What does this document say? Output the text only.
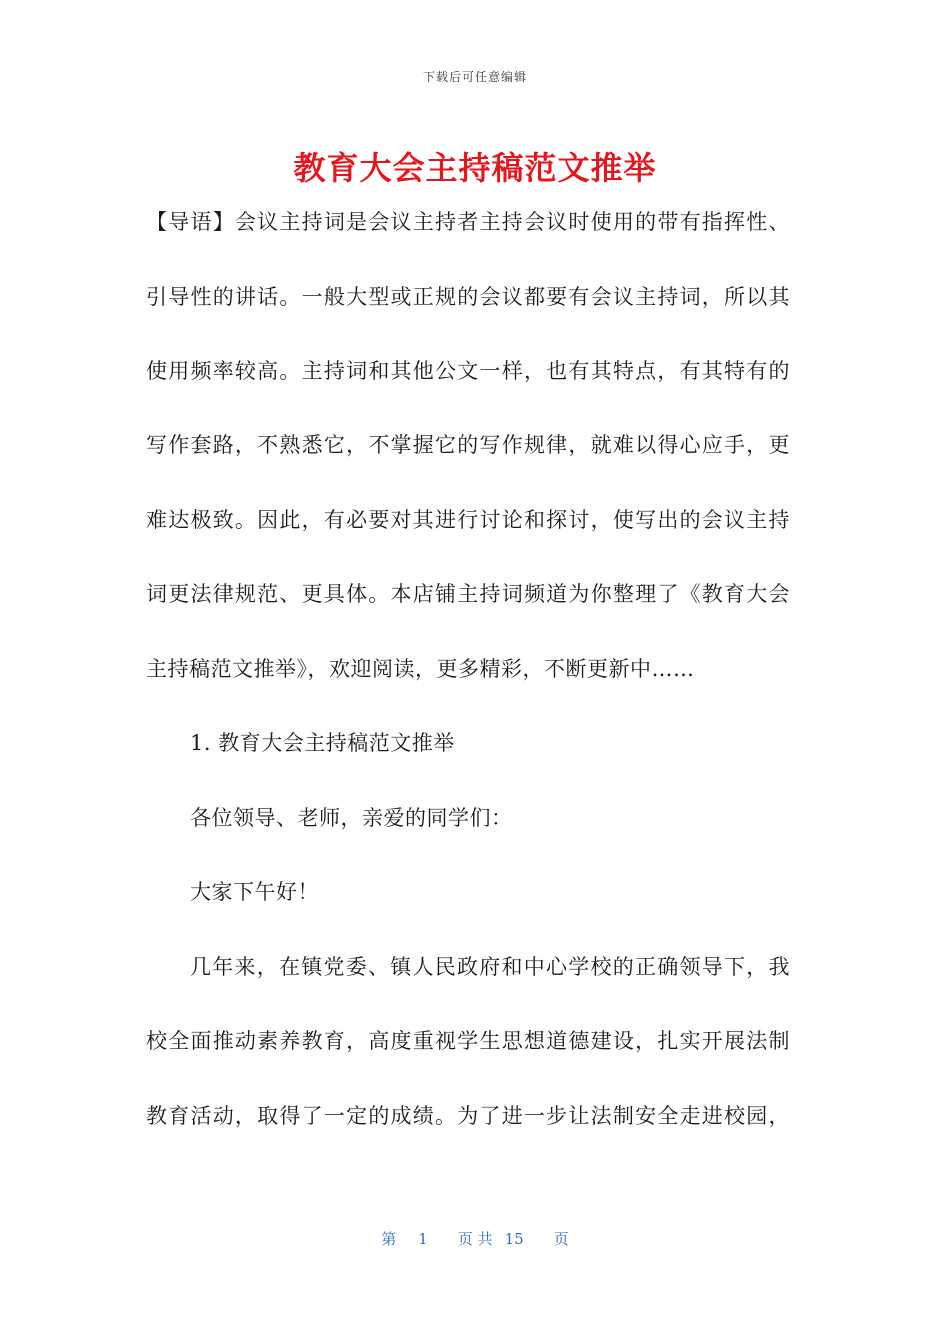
下载后可任意编辑
教育大会主持稿范文推举
【导语】会议主持词是会议主持者主持会议时使用的带有指挥性、
引导性的讲话。一般大型或正规的会议都要有会议主持词，所以其
使用频率较高。主持词和其他公文一样，也有其特点，有其特有的
写作套路，不熟悉它，不掌握它的写作规律，就难以得心应手，更
难达极致。因此，有必要对其进行讨论和探讨，使写出的会议主持
词更法律规范、更具体。本店铺主持词频道为你整理了《教育大会
主持稿范文推举》，欢迎阅读，更多精彩，不断更新中……
1. 教育大会主持稿范文推举
各位领导、老师，亲爱的同学们：
大家下午好！
几年来，在镇党委、镇人民政府和中心学校的正确领导下，我
校全面推动素养教育，高度重视学生思想道德建设，扎实开展法制
教育活动，取得了一定的成绩。为了进一步让法制安全走进校园，
第 1 页 共 15 页
